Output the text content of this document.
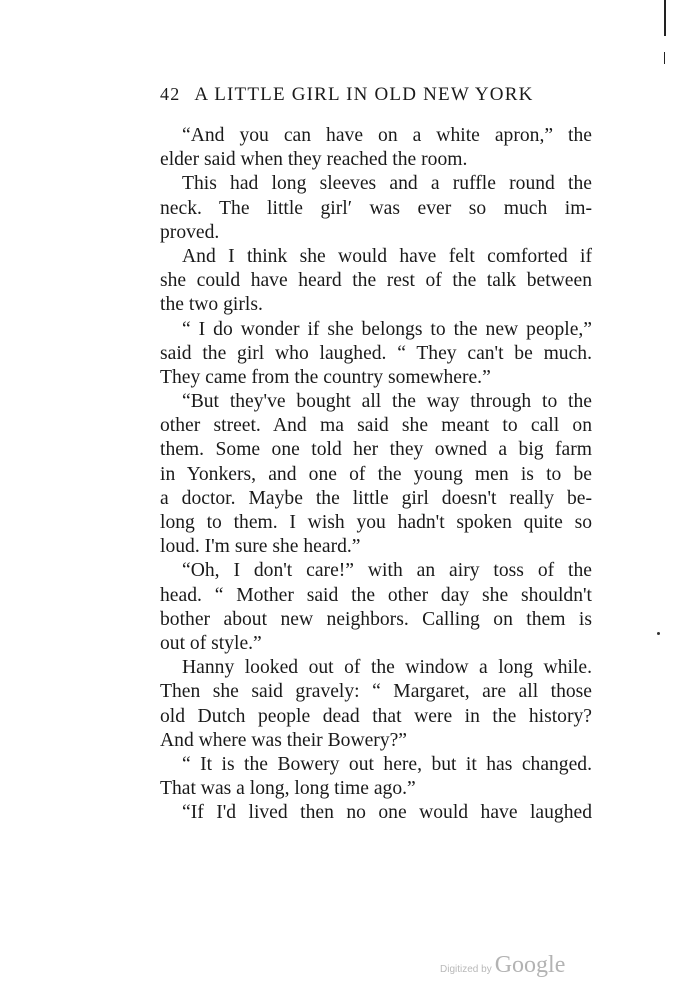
42 A LITTLE GIRL IN OLD NEW YORK
“And you can have on a white apron,” the
elder said when they reached the room.
This had long sleeves and a ruffle round the
neck. The little girl′ was ever so much im-
proved.
And I think she would have felt comforted if
she could have heard the rest of the talk between
the two girls.
“ I do wonder if she belongs to the new people,”
said the girl who laughed. “ They can't be much.
They came from the country somewhere.”
“But they've bought all the way through to the
other street. And ma said she meant to call on
them. Some one told her they owned a big farm
in Yonkers, and one of the young men is to be
a doctor. Maybe the little girl doesn't really be-
long to them. I wish you hadn't spoken quite so
loud. I'm sure she heard.”
“Oh, I don't care!” with an airy toss of the
head. “ Mother said the other day she shouldn't
bother about new neighbors. Calling on them is
out of style.”
Hanny looked out of the window a long while.
Then she said gravely: “ Margaret, are all those
old Dutch people dead that were in the history?
And where was their Bowery?”
“ It is the Bowery out here, but it has changed.
That was a long, long time ago.”
“If I'd lived then no one would have laughed
Digitized by Google
